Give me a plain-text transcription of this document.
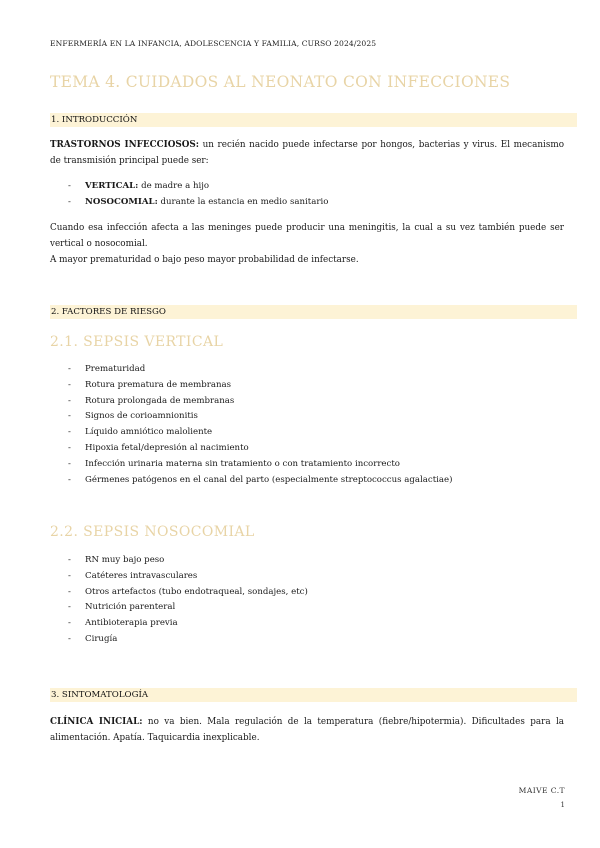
ENFERMERÍA EN LA INFANCIA, ADOLESCENCIA Y FAMILIA, CURSO 2024/2025
TEMA 4. CUIDADOS AL NEONATO CON INFECCIONES
1. INTRODUCCIÓN
TRASTORNOS INFECCIOSOS: un recién nacido puede infectarse por hongos, bacterias y virus. El mecanismo de transmisión principal puede ser:
- VERTICAL: de madre a hijo
- NOSOCOMIAL: durante la estancia en medio sanitario
Cuando esa infección afecta a las meninges puede producir una meningitis, la cual a su vez también puede ser vertical o nosocomial.
A mayor prematuridad o bajo peso mayor probabilidad de infectarse.
2. FACTORES DE RIESGO
2.1. SEPSIS VERTICAL
- Prematuridad
- Rotura prematura de membranas
- Rotura prolongada de membranas
- Signos de corioamnionitis
- Líquido amniótico maloliente
- Hipoxia fetal/depresión al nacimiento
- Infección urinaria materna sin tratamiento o con tratamiento incorrecto
- Gérmenes patógenos en el canal del parto (especialmente streptococcus agalactiae)
2.2. SEPSIS NOSOCOMIAL
- RN muy bajo peso
- Catéteres intravasculares
- Otros artefactos (tubo endotraqueal, sondajes, etc)
- Nutrición parenteral
- Antibioterapia previa
- Cirugía
3. SINTOMATOLOGÍA
CLÍNICA INICIAL: no va bien. Mala regulación de la temperatura (fiebre/hipotermia). Dificultades para la alimentación. Apatía. Taquicardia inexplicable.
MAIVE C.T
1
